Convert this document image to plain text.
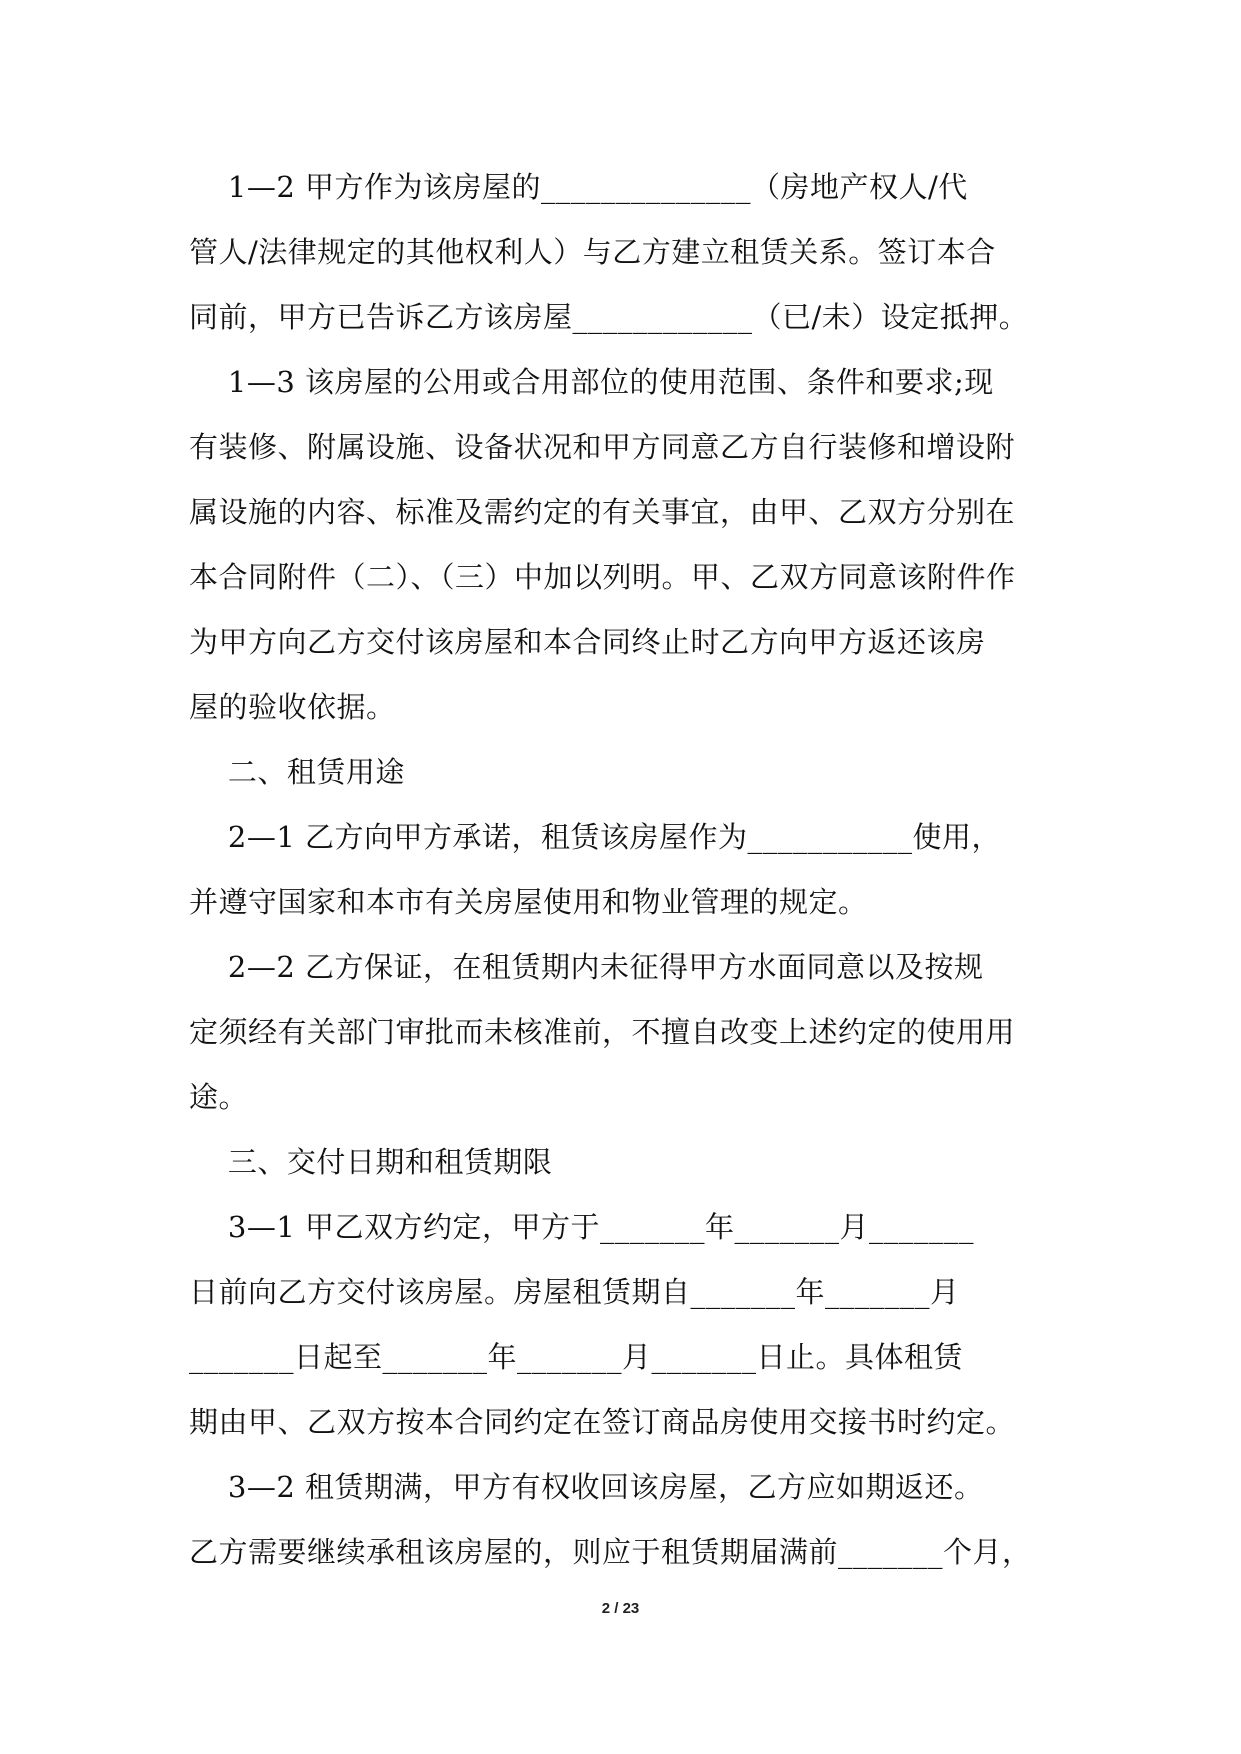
1—2 甲方作为该房屋的______________（房地产权人/代
管人/法律规定的其他权利人）与乙方建立租赁关系。签订本合
同前，甲方已告诉乙方该房屋____________（已/未）设定抵押。
1—3 该房屋的公用或合用部位的使用范围、条件和要求;现
有装修、附属设施、设备状况和甲方同意乙方自行装修和增设附
属设施的内容、标准及需约定的有关事宜，由甲、乙双方分别在
本合同附件（二）、（三）中加以列明。甲、乙双方同意该附件作
为甲方向乙方交付该房屋和本合同终止时乙方向甲方返还该房
屋的验收依据。
二、租赁用途
2—1 乙方向甲方承诺，租赁该房屋作为___________使用，
并遵守国家和本市有关房屋使用和物业管理的规定。
2—2 乙方保证，在租赁期内未征得甲方水面同意以及按规
定须经有关部门审批而未核准前，不擅自改变上述约定的使用用
途。
三、交付日期和租赁期限
3—1 甲乙双方约定，甲方于_______年_______月_______
日前向乙方交付该房屋。房屋租赁期自_______年_______月
_______日起至_______年_______月_______日止。具体租赁
期由甲、乙双方按本合同约定在签订商品房使用交接书时约定。
3—2 租赁期满，甲方有权收回该房屋，乙方应如期返还。
乙方需要继续承租该房屋的，则应于租赁期届满前_______个月，
2 / 23
